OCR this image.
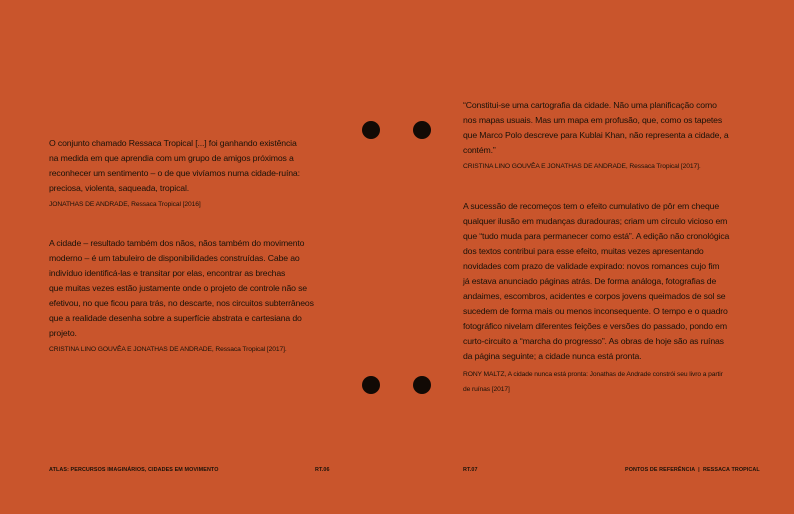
O conjunto chamado Ressaca Tropical [...] foi ganhando existência
na medida em que aprendia com um grupo de amigos próximos a
reconhecer um sentimento – o de que vivíamos numa cidade-ruína:
preciosa, violenta, saqueada, tropical.

JONATHAS DE ANDRADE, Ressaca Tropical [2016]

A cidade – resultado também dos nãos, nãos também do movimento
moderno – é um tabuleiro de disponibilidades construídas. Cabe ao
indivíduo identificá-las e transitar por elas, encontrar as brechas
que muitas vezes estão justamente onde o projeto de controle não se
efetivou, no que ficou para trás, no descarte, nos circuitos subterrâneos
que a realidade desenha sobre a superfície abstrata e cartesiana do
projeto.

CRISTINA LINO GOUVÊA E JONATHAS DE ANDRADE, Ressaca Tropical [2017].

ATLAS: PERCURSOS IMAGINÁRIOS, CIDADES EM MOVIMENTO	RT.06

“Constitui-se uma cartografia da cidade. Não uma planificação como
nos mapas usuais. Mas um mapa em profusão, que, como os tapetes
que Marco Polo descreve para Kublai Khan, não representa a cidade, a
contém.”

CRISTINA LINO GOUVÊA E JONATHAS DE ANDRADE, Ressaca Tropical [2017].

A sucessão de recomeços tem o efeito cumulativo de pôr em cheque
qualquer ilusão em mudanças duradouras; criam um círculo vicioso em
que “tudo muda para permanecer como está”. A edição não cronológica
dos textos contribui para esse efeito, muitas vezes apresentando
novidades com prazo de validade expirado: novos romances cujo fim
já estava anunciado páginas atrás. De forma análoga, fotografias de
andaimes, escombros, acidentes e corpos jovens queimados de sol se
sucedem de forma mais ou menos inconsequente. O tempo e o quadro
fotográfico nivelam diferentes feições e versões do passado, pondo em
curto-circuito a “marcha do progresso”. As obras de hoje são as ruínas
da página seguinte; a cidade nunca está pronta.

RONY MALTZ, A cidade nunca está pronta: Jonathas de Andrade constrói seu livro a partir
de ruínas [2017]

RT.07	PONTOS DE REFERÊNCIA  |  RESSACA TROPICAL
